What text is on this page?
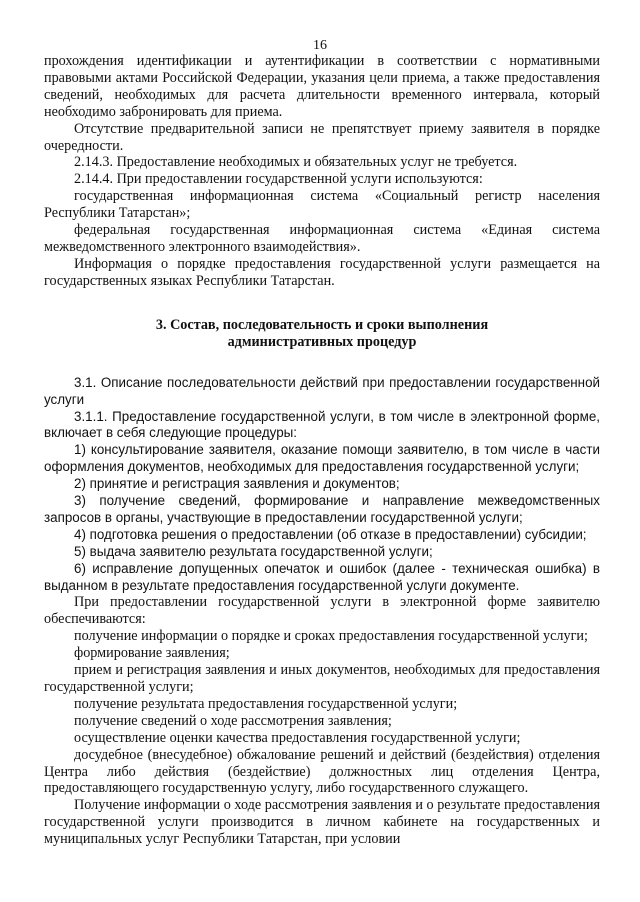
16

прохождения идентификации и аутентификации в соответствии с нормативными правовыми актами Российской Федерации, указания цели приема, а также предоставления сведений, необходимых для расчета длительности временного интервала, который необходимо забронировать для приема.

Отсутствие предварительной записи не препятствует приему заявителя в порядке очередности.

2.14.3. Предоставление необходимых и обязательных услуг не требуется.

2.14.4. При предоставлении государственной услуги используются:

государственная информационная система «Социальный регистр населения Республики Татарстан»;

федеральная государственная информационная система «Единая система межведомственного электронного взаимодействия».

Информация о порядке предоставления государственной услуги размещается на государственных языках Республики Татарстан.

3. Состав, последовательность и сроки выполнения
административных процедур

3.1. Описание последовательности действий при предоставлении государственной услуги

3.1.1. Предоставление государственной услуги, в том числе в электронной форме, включает в себя следующие процедуры:

1) консультирование заявителя, оказание помощи заявителю, в том числе в части оформления документов, необходимых для предоставления государственной услуги;

2) принятие и регистрация заявления и документов;

3) получение сведений, формирование и направление межведомственных запросов в органы, участвующие в предоставлении государственной услуги;

4) подготовка решения о предоставлении (об отказе в предоставлении) субсидии;

5) выдача заявителю результата государственной услуги;

6) исправление допущенных опечаток и ошибок (далее - техническая ошибка) в выданном в результате предоставления государственной услуги документе.

При предоставлении государственной услуги в электронной форме заявителю обеспечиваются:

получение информации о порядке и сроках предоставления государственной услуги;

формирование заявления;

прием и регистрация заявления и иных документов, необходимых для предоставления государственной услуги;

получение результата предоставления государственной услуги;

получение сведений о ходе рассмотрения заявления;

осуществление оценки качества предоставления государственной услуги;

досудебное (внесудебное) обжалование решений и действий (бездействия) отделения Центра либо действия (бездействие) должностных лиц отделения Центра, предоставляющего государственную услугу, либо государственного служащего.

Получение информации о ходе рассмотрения заявления и о результате предоставления государственной услуги производится в личном кабинете на государственных и муниципальных услуг Республики Татарстан, при условии
